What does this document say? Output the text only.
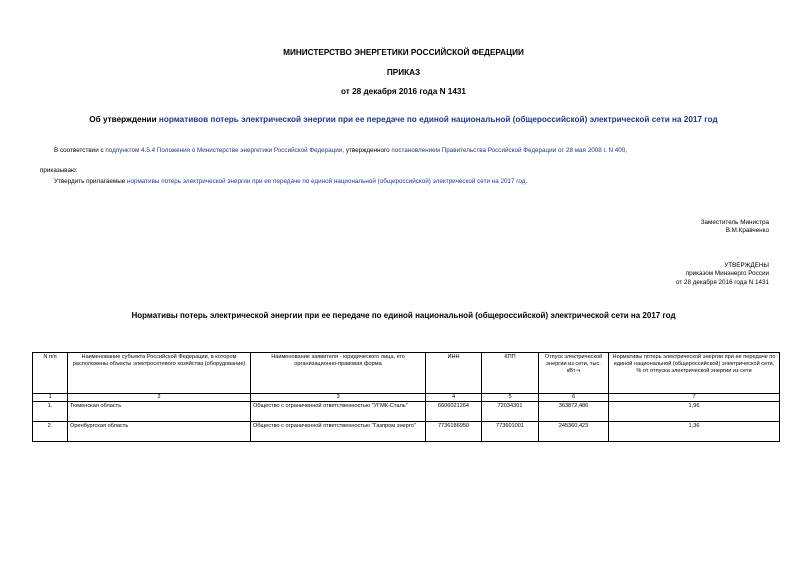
МИНИСТЕРСТВО ЭНЕРГЕТИКИ РОССИЙСКОЙ ФЕДЕРАЦИИ
ПРИКАЗ
от 28 декабря 2016 года N 1431
Об утверждении нормативов потерь электрической энергии при ее передаче по единой национальной (общероссийской) электрической сети на 2017 год
В соответствии с подпунктом 4.5.4 Положения о Министерстве энергетики Российской Федерации, утвержденного постановлением Правительства Российской Федерации от 28 мая 2008 г. N 400,
приказываю:
Утвердить прилагаемые нормативы потерь электрической энергии при ее передаче по единой национальной (общероссийской) электрической сети на 2017 год.
Заместитель Министра
В.М.Кравченко
УТВЕРЖДЕНЫ
приказом Минэнерго России
от 28 декабря 2016 года N 1431
Нормативы потерь электрической энергии при ее передаче по единой национальной (общероссийской) электрической сети на 2017 год
N п/п	Наименование субъекта Российской Федерации, в котором расположены объекты электросетевого хозяйства (оборудование)	Наименование заявителя - юридического лица, его организационно-правовая форма	ИНН	КПП	Отпуск электрической энергии из сети, тыс. кВт·ч	Нормативы потерь электрической энергии при ее передаче по единой национальной (общероссийской) электрической сети, % от отпуска электрической энергии из сети
1	2	3	4	5	6	7
1.	Тюменская область	Общество с ограниченной ответственностью "УГМК-Сталь"	6606021264	72034301	363872,486	1,96
2.	Оренбургская область	Общество с ограниченной ответственностью "Газпром энерго"	7736186950	773601001	245360,423	1,36
